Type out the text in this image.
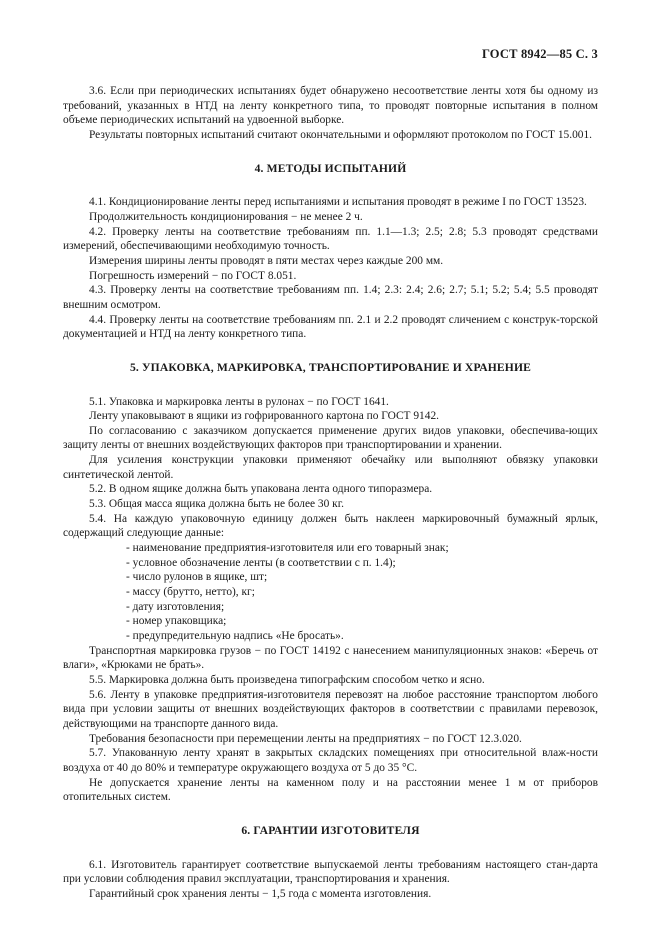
ГОСТ 8942—85 С. 3

3.6. Если при периодических испытаниях будет обнаружено несоответствие ленты хотя бы одному из требований, указанных в НТД на ленту конкретного типа, то проводят повторные испытания в полном объеме периодических испытаний на удвоенной выборке.

Результаты повторных испытаний считают окончательными и оформляют протоколом по ГОСТ 15.001.

4. МЕТОДЫ ИСПЫТАНИЙ

4.1. Кондиционирование ленты перед испытаниями и испытания проводят в режиме I по ГОСТ 13523.

Продолжительность кондиционирования − не менее 2 ч.

4.2. Проверку ленты на соответствие требованиям пп. 1.1—1.3; 2.5; 2.8; 5.3 проводят средствами измерений, обеспечивающими необходимую точность.

Измерения ширины ленты проводят в пяти местах через каждые 200 мм.

Погрешность измерений − по ГОСТ 8.051.

4.3. Проверку ленты на соответствие требованиям пп. 1.4; 2.3: 2.4; 2.6; 2.7; 5.1; 5.2; 5.4; 5.5 проводят внешним осмотром.

4.4. Проверку ленты на соответствие требованиям пп. 2.1 и 2.2 проводят сличением с конструк-торской документацией и НТД на ленту конкретного типа.

5. УПАКОВКА, МАРКИРОВКА, ТРАНСПОРТИРОВАНИЕ И ХРАНЕНИЕ

5.1. Упаковка и маркировка ленты в рулонах − по ГОСТ 1641.

Ленту упаковывают в ящики из гофрированного картона по ГОСТ 9142.

По согласованию с заказчиком допускается применение других видов упаковки, обеспечива-ющих защиту ленты от внешних воздействующих факторов при транспортировании и хранении.

Для усиления конструкции упаковки применяют обечайку или выполняют обвязку упаковки синтетической лентой.

5.2. В одном ящике должна быть упакована лента одного типоразмера.

5.3. Общая масса ящика должна быть не более 30 кг.

5.4. На каждую упаковочную единицу должен быть наклеен маркировочный бумажный ярлык, содержащий следующие данные:

- наименование предприятия-изготовителя или его товарный знак;
- условное обозначение ленты (в соответствии с п. 1.4);
- число рулонов в ящике, шт;
- массу (брутто, нетто), кг;
- дату изготовления;
- номер упаковщика;
- предупредительную надпись «Не бросать».

Транспортная маркировка грузов − по ГОСТ 14192 с нанесением манипуляционных знаков: «Беречь от влаги», «Крюками не брать».

5.5. Маркировка должна быть произведена типографским способом четко и ясно.

5.6. Ленту в упаковке предприятия-изготовителя перевозят на любое расстояние транспортом любого вида при условии защиты от внешних воздействующих факторов в соответствии с правилами перевозок, действующими на транспорте данного вида.

Требования безопасности при перемещении ленты на предприятиях − по ГОСТ 12.3.020.

5.7. Упакованную ленту хранят в закрытых складских помещениях при относительной влаж-ности воздуха от 40 до 80% и температуре окружающего воздуха от 5 до 35 °С.

Не допускается хранение ленты на каменном полу и на расстоянии менее 1 м от приборов отопительных систем.

6. ГАРАНТИИ ИЗГОТОВИТЕЛЯ

6.1. Изготовитель гарантирует соответствие выпускаемой ленты требованиям настоящего стан-дарта при условии соблюдения правил эксплуатации, транспортирования и хранения.

Гарантийный срок хранения ленты − 1,5 года с момента изготовления.
